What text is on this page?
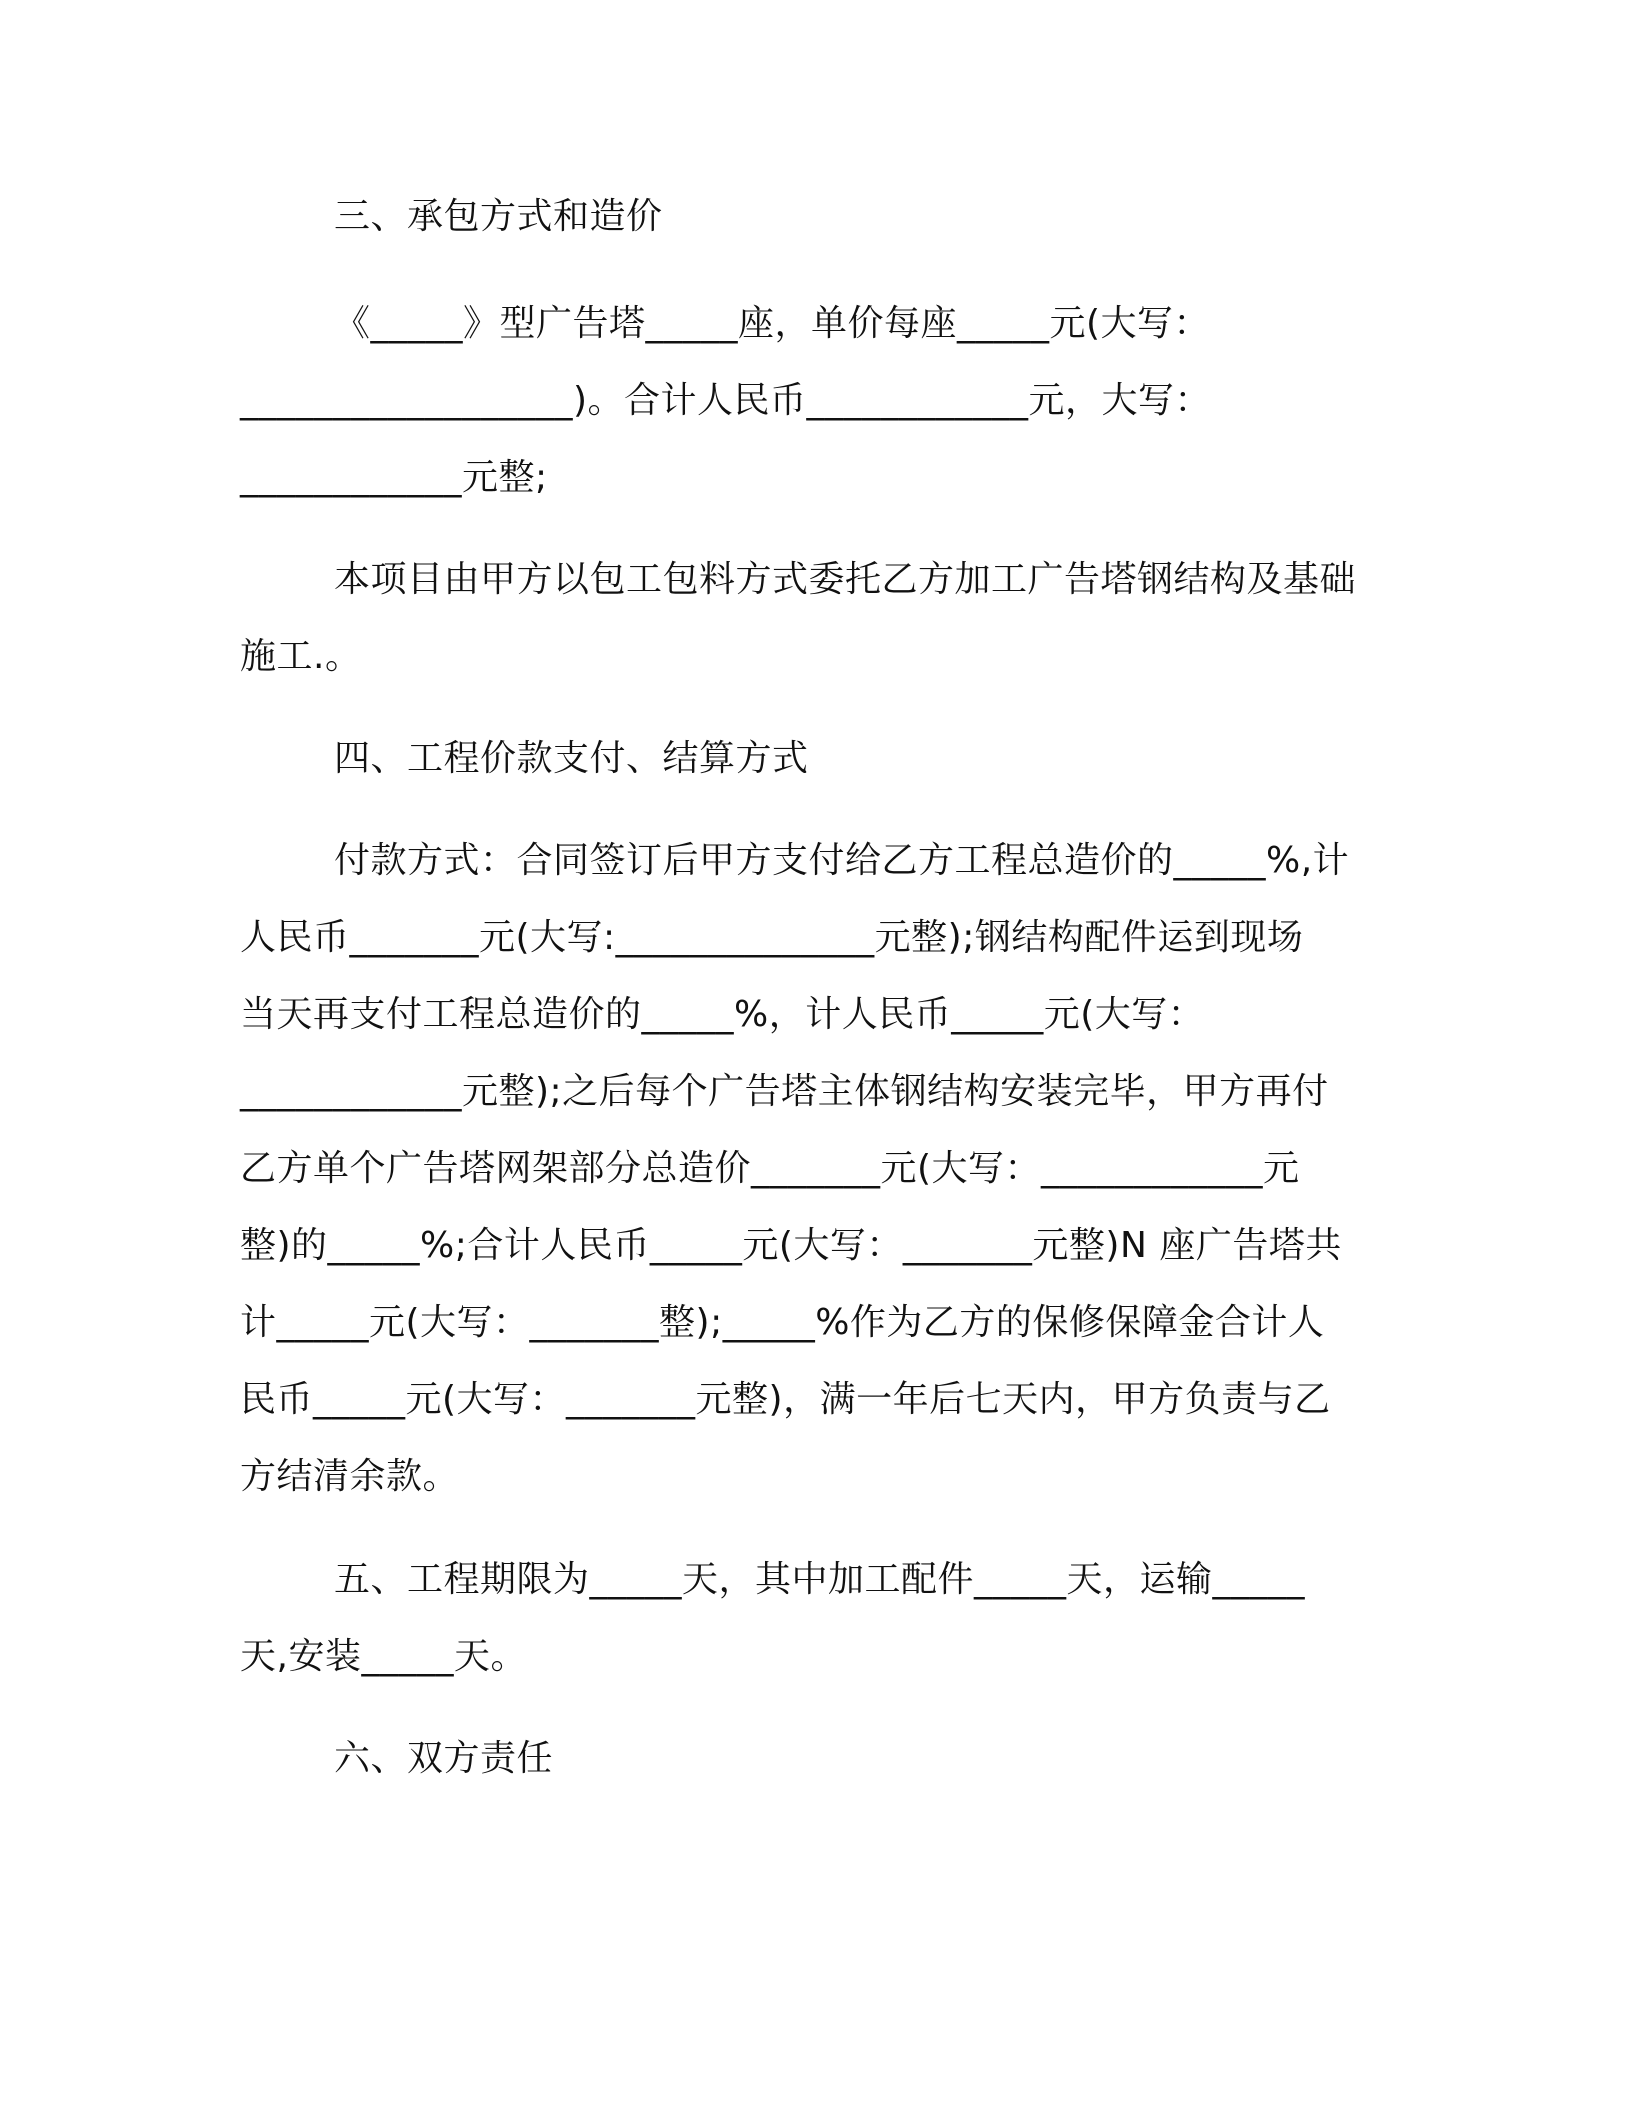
三、承包方式和造价
《_____》型广告塔_____座，单价每座_____元(大写：
__________________)。合计人民币____________元，大写：
____________元整;
本项目由甲方以包工包料方式委托乙方加工广告塔钢结构及基础
施工.。
四、工程价款支付、结算方式
付款方式：合同签订后甲方支付给乙方工程总造价的_____%,计
人民币_______元(大写:______________元整);钢结构配件运到现场
当天再支付工程总造价的_____%，计人民币_____元(大写：
____________元整);之后每个广告塔主体钢结构安装完毕，甲方再付
乙方单个广告塔网架部分总造价_______元(大写：____________元
整)的_____%;合计人民币_____元(大写：_______元整)N 座广告塔共
计_____元(大写：_______整);_____%作为乙方的保修保障金合计人
民币_____元(大写：_______元整)，满一年后七天内，甲方负责与乙
方结清余款。
五、工程期限为_____天，其中加工配件_____天，运输_____
天,安装_____天。
六、双方责任
